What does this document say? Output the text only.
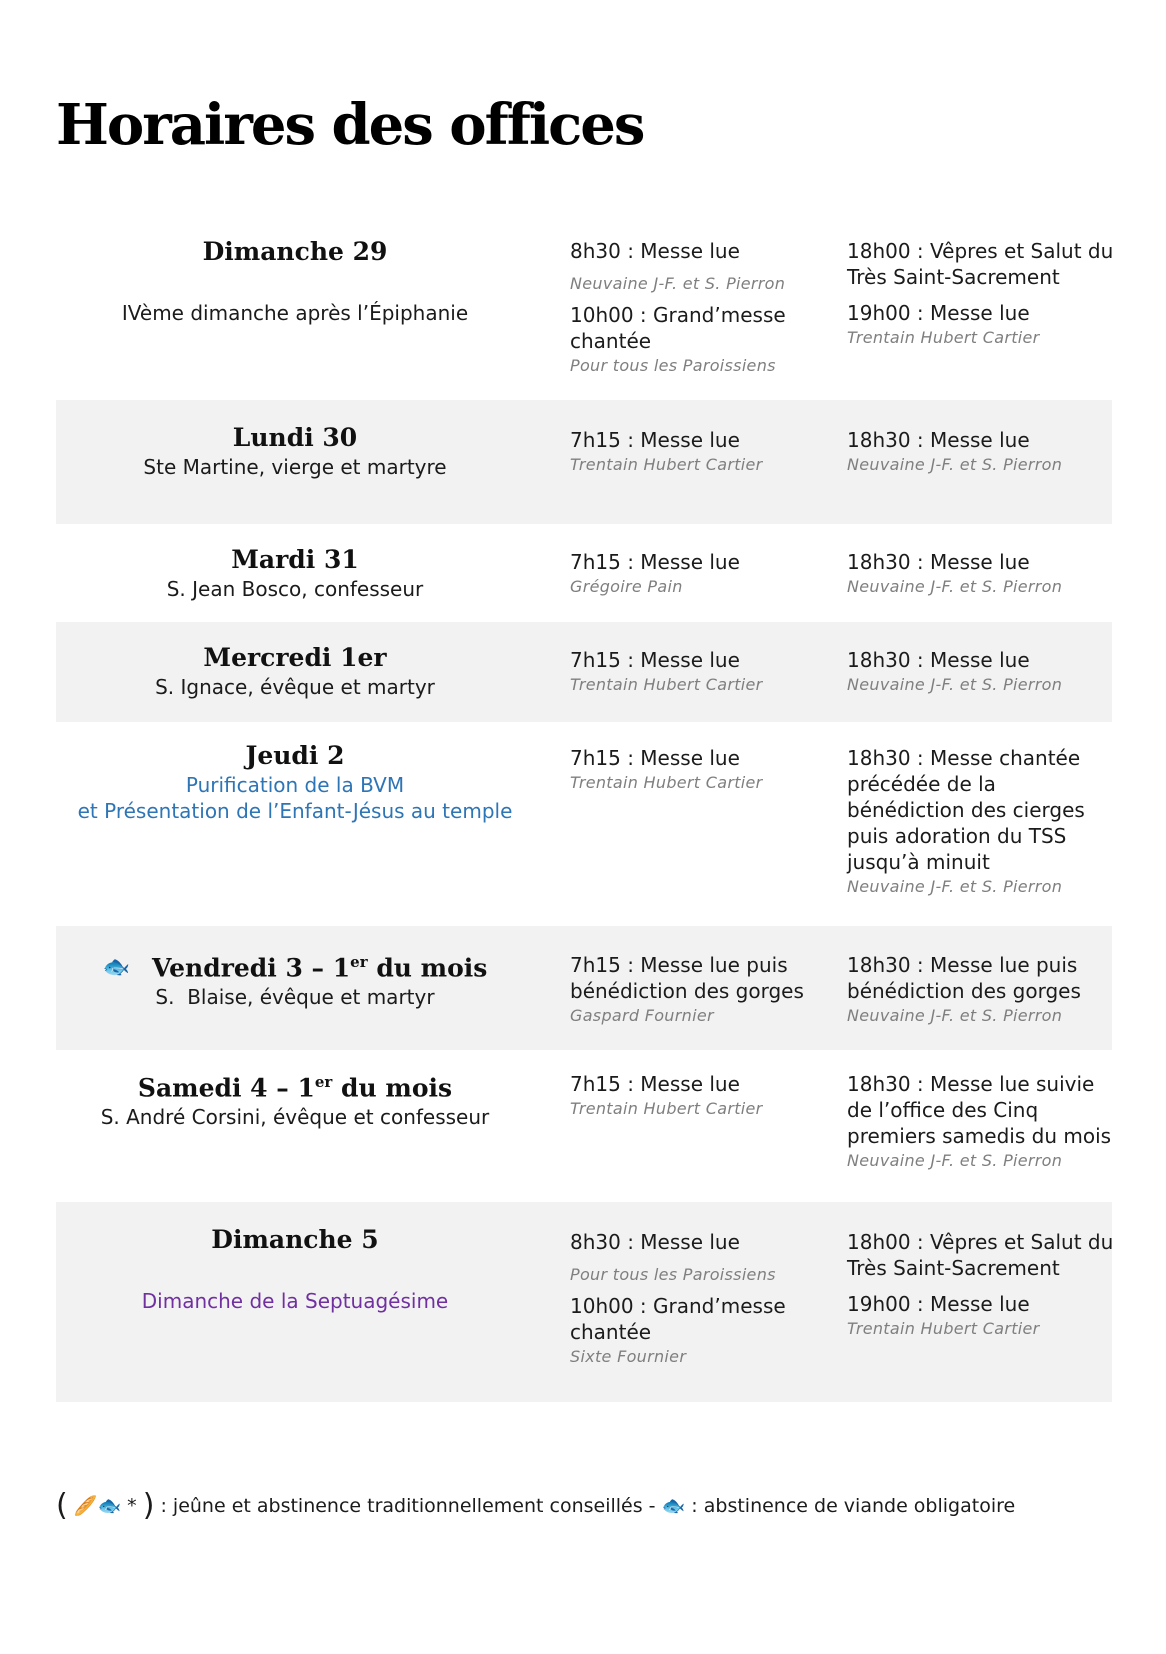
Horaires des offices
Dimanche 29
IVème dimanche après l’Épiphanie
8h30 : Messe lue
Neuvaine J-F. et S. Pierron
10h00 : Grand’messe chantée
Pour tous les Paroissiens
18h00 : Vêpres et Salut du Très Saint-Sacrement
19h00 : Messe lue
Trentain Hubert Cartier
Lundi 30
Ste Martine, vierge et martyre
7h15 : Messe lue
Trentain Hubert Cartier
18h30 : Messe lue
Neuvaine J-F. et S. Pierron
Mardi 31
S. Jean Bosco, confesseur
7h15 : Messe lue
Grégoire Pain
18h30 : Messe lue
Neuvaine J-F. et S. Pierron
Mercredi 1er
S. Ignace, évêque et martyr
7h15 : Messe lue
Trentain Hubert Cartier
18h30 : Messe lue
Neuvaine J-F. et S. Pierron
Jeudi 2
Purification de la BVM
et Présentation de l’Enfant-Jésus au temple
7h15 : Messe lue
Trentain Hubert Cartier
18h30 : Messe chantée précédée de la bénédiction des cierges puis adoration du TSS jusqu’à minuit
Neuvaine J-F. et S. Pierron
🐟 Vendredi 3 – 1er du mois
S.  Blaise, évêque et martyr
7h15 : Messe lue puis bénédiction des gorges
Gaspard Fournier
18h30 : Messe lue puis bénédiction des gorges
Neuvaine J-F. et S. Pierron
Samedi 4 – 1er du mois
S. André Corsini, évêque et confesseur
7h15 : Messe lue
Trentain Hubert Cartier
18h30 : Messe lue suivie de l’office des Cinq premiers samedis du mois
Neuvaine J-F. et S. Pierron
Dimanche 5
Dimanche de la Septuagésime
8h30 : Messe lue
Pour tous les Paroissiens
10h00 : Grand’messe chantée
Sixte Fournier
18h00 : Vêpres et Salut du Très Saint-Sacrement
19h00 : Messe lue
Trentain Hubert Cartier
( 🥖🐟 * ) : jeûne et abstinence traditionnellement conseillés - 🐟 : abstinence de viande obligatoire
